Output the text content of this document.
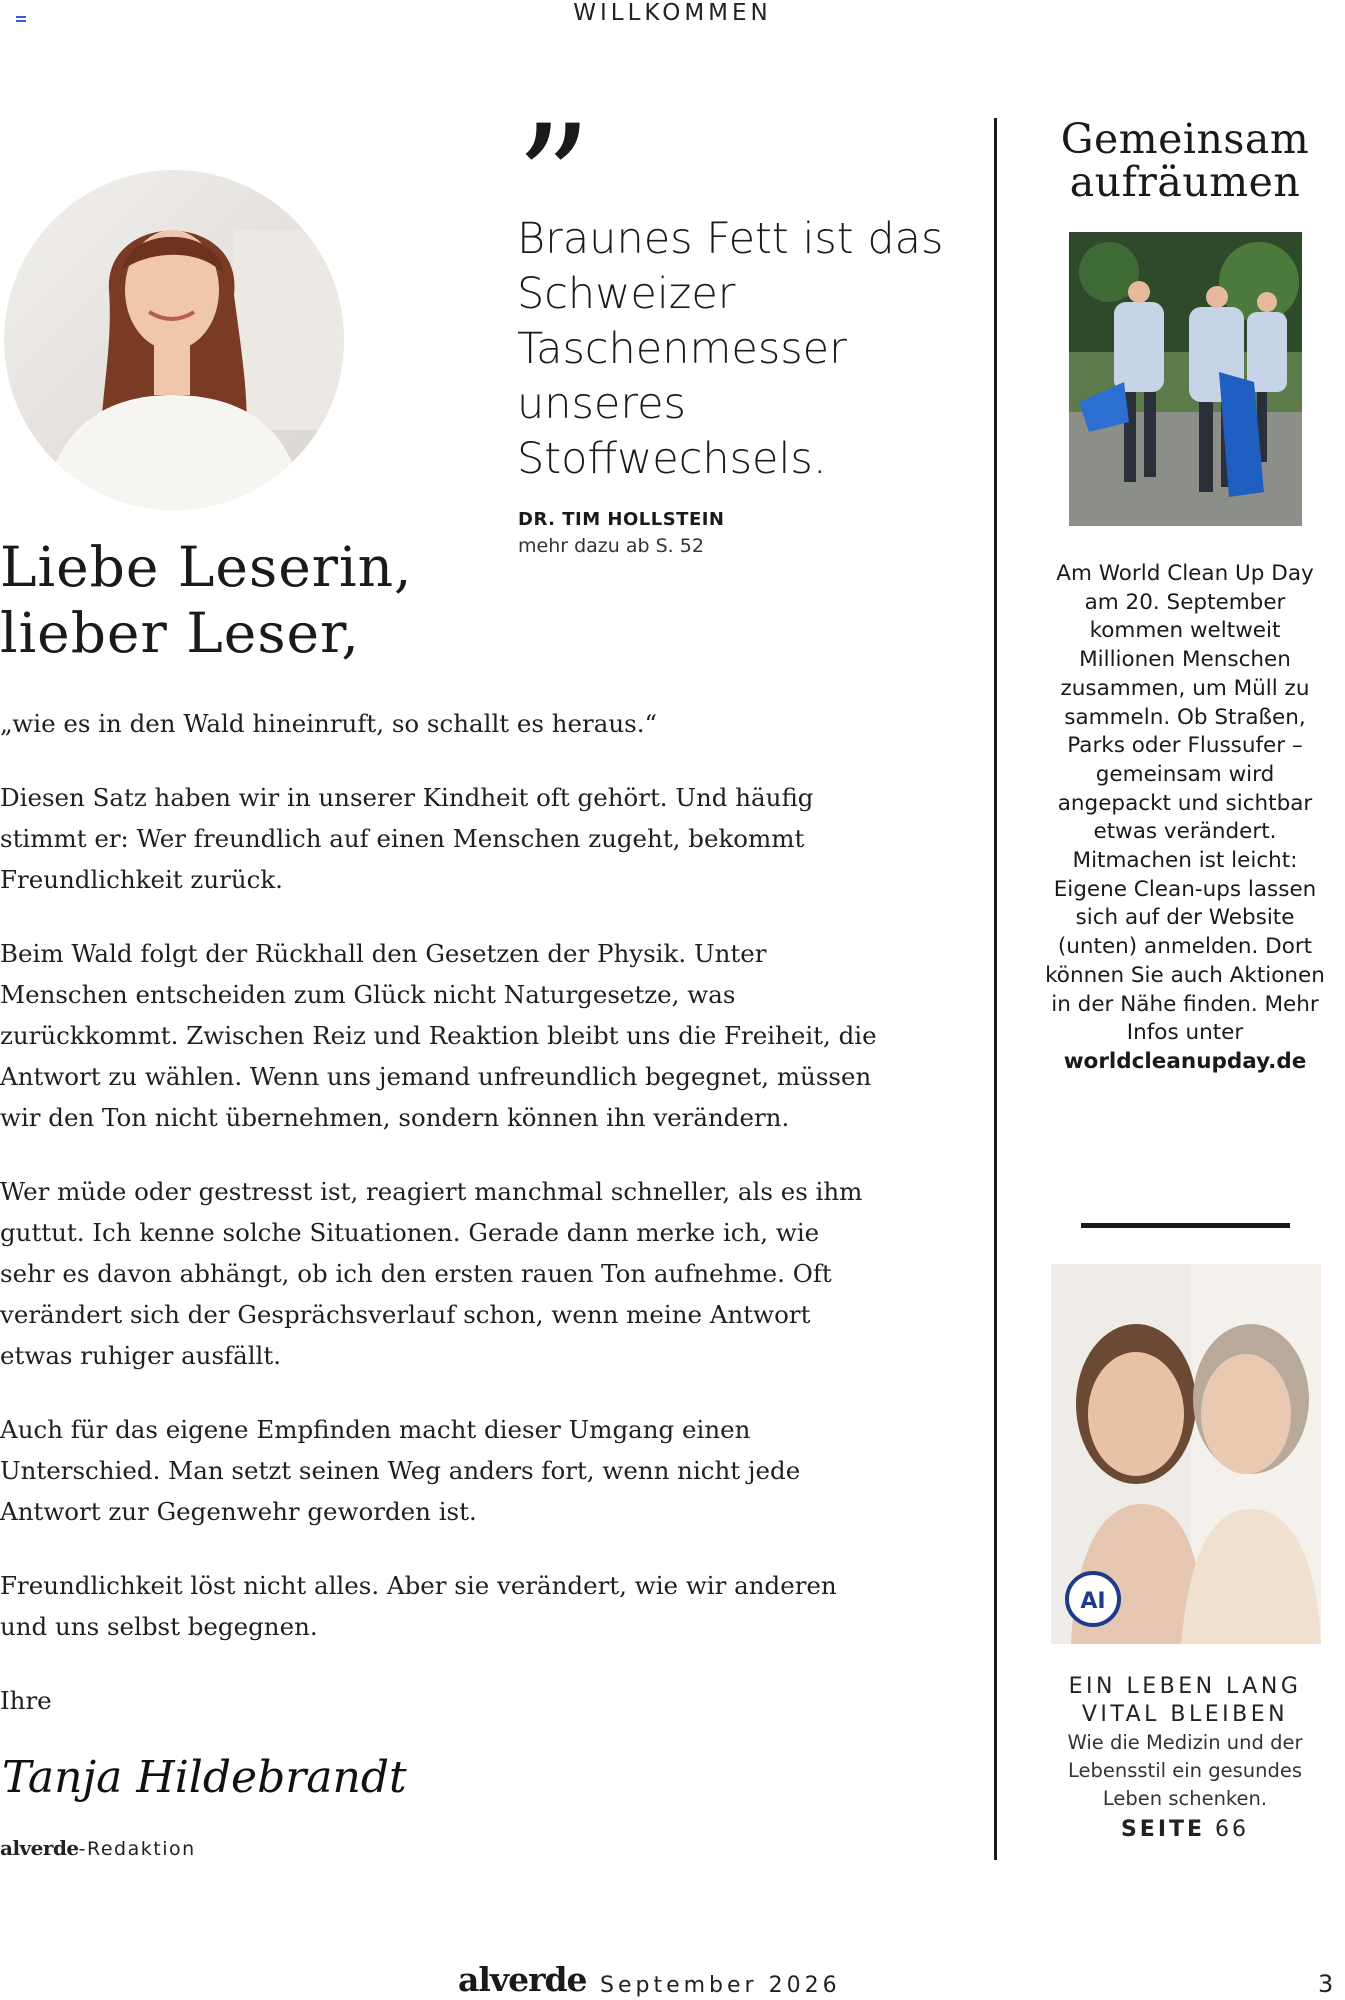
WILLKOMMEN
”
Braunes Fett ist das Schweizer Taschenmesser unseres Stoffwechsels.
DR. TIM HOLLSTEIN
mehr dazu ab S. 52
Liebe Leserin,
lieber Leser,

„wie es in den Wald hineinruft, so schallt es heraus.“

Diesen Satz haben wir in unserer Kindheit oft gehört. Und häufig stimmt er: Wer freundlich auf einen Menschen zugeht, bekommt Freundlichkeit zurück.

Beim Wald folgt der Rückhall den Gesetzen der Physik. Unter Menschen entscheiden zum Glück nicht Naturgesetze, was zurückkommt. Zwischen Reiz und Reaktion bleibt uns die Freiheit, die Antwort zu wählen. Wenn uns jemand unfreundlich begegnet, müssen wir den Ton nicht übernehmen, sondern können ihn verändern.

Wer müde oder gestresst ist, reagiert manchmal schneller, als es ihm guttut. Ich kenne solche Situationen. Gerade dann merke ich, wie sehr es davon abhängt, ob ich den ersten rauen Ton aufnehme. Oft verändert sich der Gesprächsverlauf schon, wenn meine Antwort etwas ruhiger ausfällt.

Auch für das eigene Empfinden macht dieser Umgang einen Unterschied. Man setzt seinen Weg anders fort, wenn nicht jede Antwort zur Gegenwehr geworden ist.

Freundlichkeit löst nicht alles. Aber sie verändert, wie wir anderen und uns selbst begegnen.

Ihre

Tanja Hildebrandt
alverde-Redaktion
Gemeinsam
aufräumen
Am World Clean Up Day am 20. September kommen weltweit Millionen Menschen zusammen, um Müll zu sammeln. Ob Straßen, Parks oder Flussufer – gemeinsam wird angepackt und sichtbar etwas verändert. Mitmachen ist leicht: Eigene Clean-ups lassen sich auf der Website (unten) anmelden. Dort können Sie auch Aktionen in der Nähe finden. Mehr Infos unter
worldcleanupday.de
AI
EIN LEBEN LANG
VITAL BLEIBEN
Wie die Medizin und der Lebensstil ein gesundes Leben schenken.
SEITE 66
alverde September 2026	3
